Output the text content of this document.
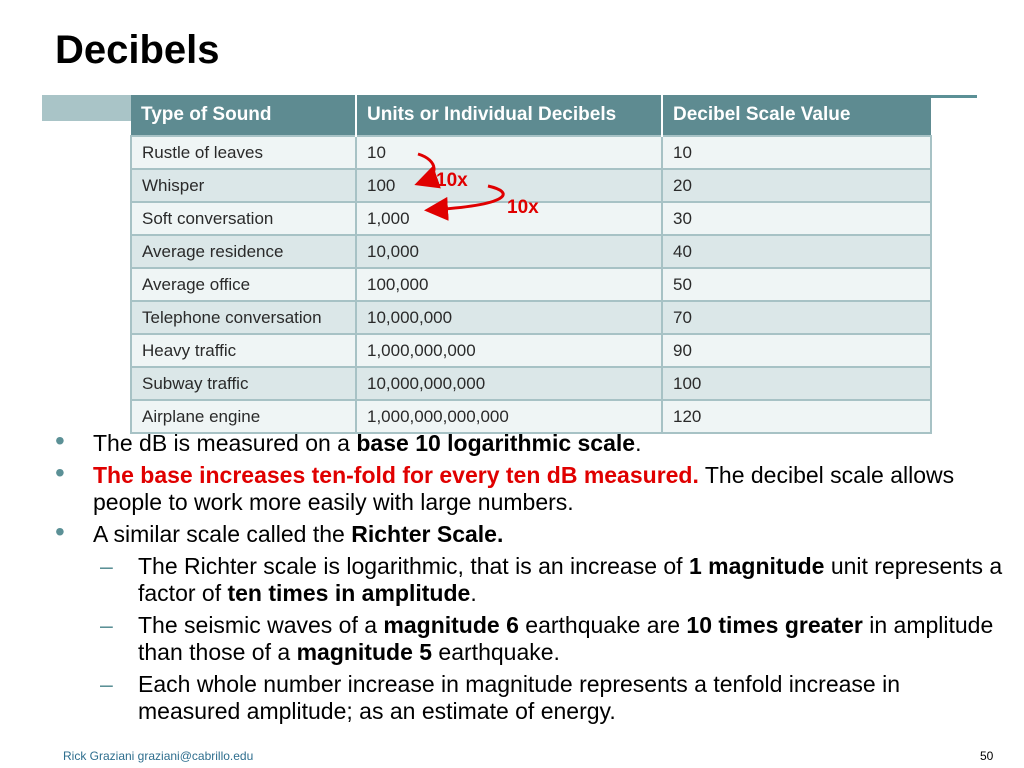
Decibels
Type of Sound	Units or Individual Decibels	Decibel Scale Value
Rustle of leaves	10	10
Whisper	100	20
Soft conversation	1,000	30
Average residence	10,000	40
Average office	100,000	50
Telephone conversation	10,000,000	70
Heavy traffic	1,000,000,000	90
Subway traffic	10,000,000,000	100
Airplane engine	1,000,000,000,000	120
10x
10x
• The dB is measured on a base 10 logarithmic scale.
• The base increases ten-fold for every ten dB measured. The decibel scale allows people to work more easily with large numbers.
• A similar scale called the Richter Scale.
– The Richter scale is logarithmic, that is an increase of 1 magnitude unit represents a factor of ten times in amplitude.
– The seismic waves of a magnitude 6 earthquake are 10 times greater in amplitude than those of a magnitude 5 earthquake.
– Each whole number increase in magnitude represents a tenfold increase in measured amplitude; as an estimate of energy.
Rick Graziani graziani@cabrillo.edu	50
